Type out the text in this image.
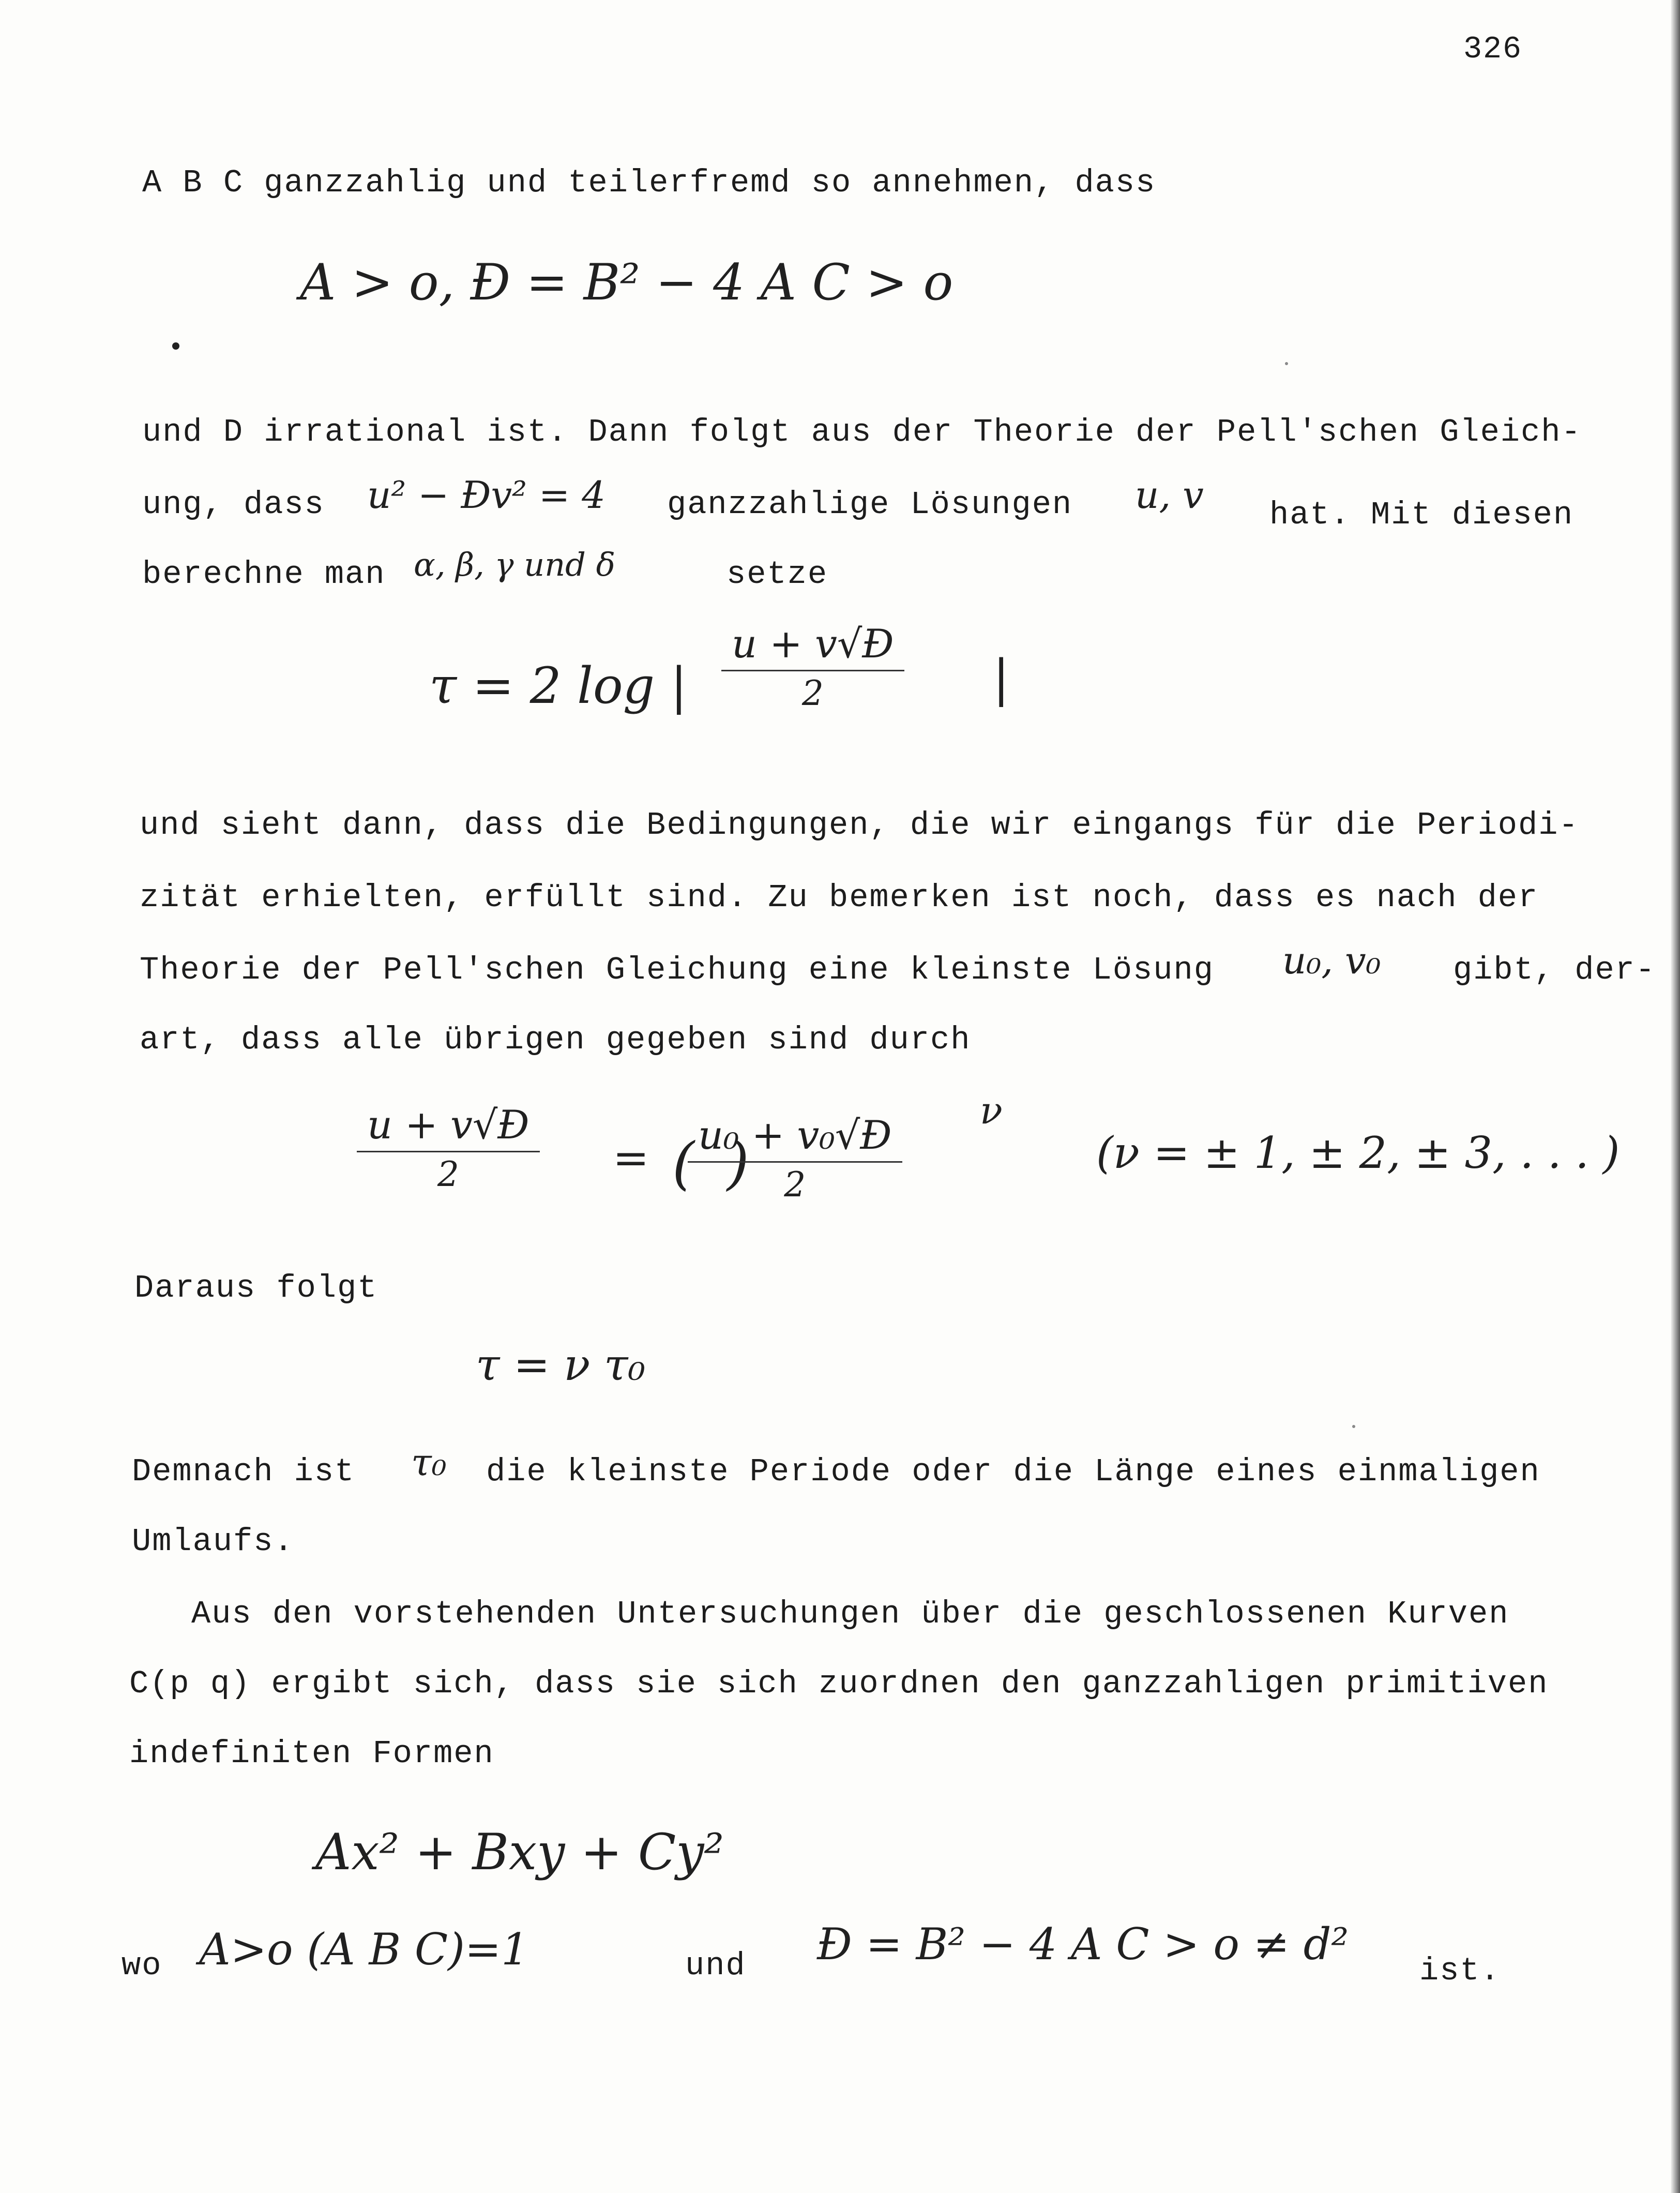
326
A B C ganzzahlig und teilerfremd so annehmen, dass
A > o, Ð = B² − 4 A C > o
und D irrational ist. Dann folgt aus der Theorie der Pell'schen Gleich-
ung, dass u² − Ðv² = 4 ganzzahlige Lösungen u, v hat. Mit diesen
berechne man α, β, γ und δ	setze
τ = 2 log | $\frac{u + v√Ð}{2}$ |
und sieht dann, dass die Bedingungen, die wir eingangs für die Periodi-
zität erhielten, erfüllt sind. Zu bemerken ist noch, dass es nach der
Theorie der Pell'schen Gleichung eine kleinste Lösung u₀, v₀ gibt, der-
art, dass alle übrigen gegeben sind durch
$\frac{u + v√Ð}{2}$ = ( )
$\frac{\text{u₀ + v₀√Ð}}{2}$
ν
(ν = ± 1, ± 2, ± 3, . . . )
Daraus folgt
τ = ν τ₀
Demnach ist τ₀ die kleinste Periode oder die Länge eines einmaligen
Umlaufs.
Aus den vorstehenden Untersuchungen über die geschlossenen Kurven
C(p q) ergibt sich, dass sie sich zuordnen den ganzzahligen primitiven
indefiniten Formen
Ax² + Bxy + Cy²
wo A>o (A B C)=1	und Ð = B² − 4 A C > o ≠ d²
ist.
